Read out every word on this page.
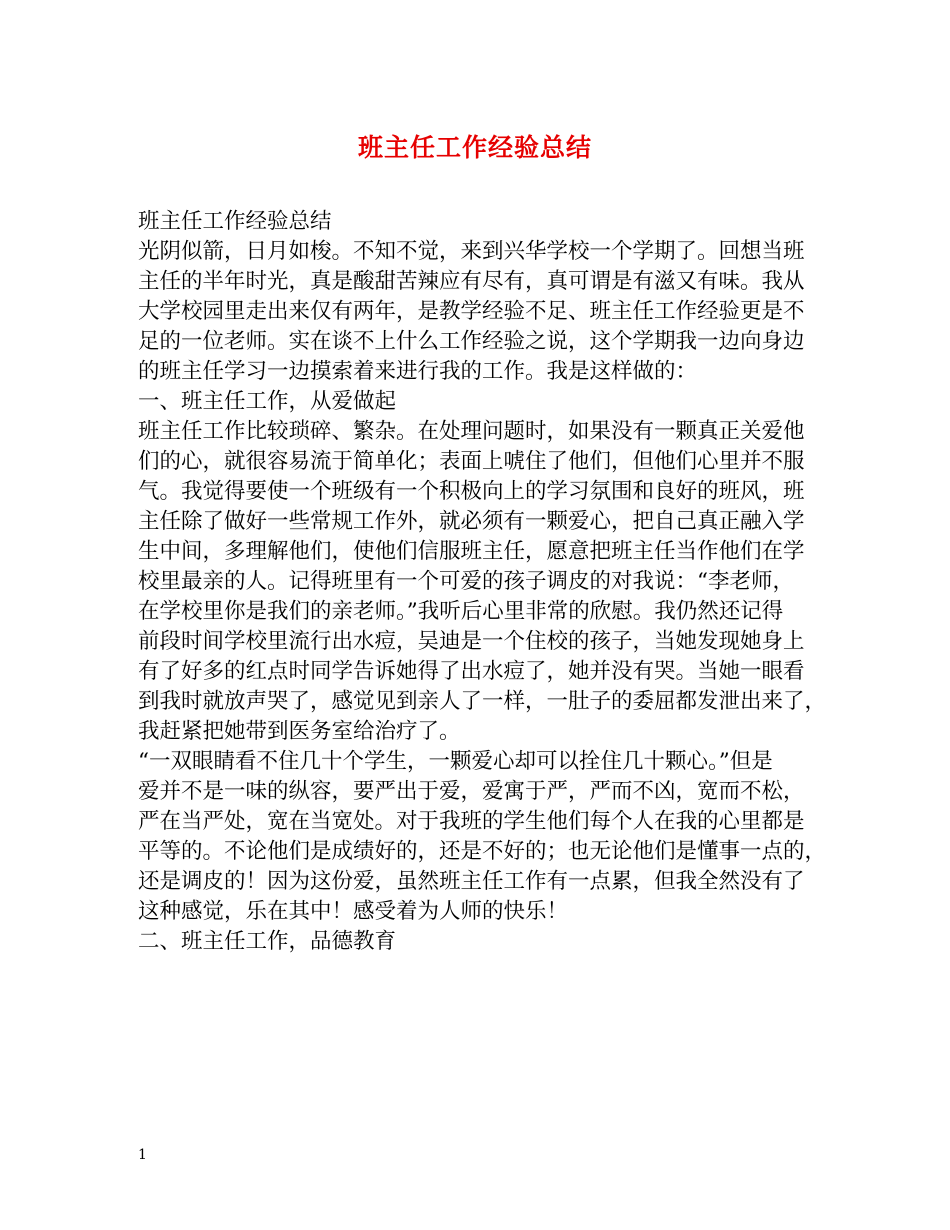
班主任工作经验总结
班主任工作经验总结
光阴似箭，日月如梭。不知不觉，来到兴华学校一个学期了。回想当班
主任的半年时光，真是酸甜苦辣应有尽有，真可谓是有滋又有味。我从
大学校园里走出来仅有两年，是教学经验不足、班主任工作经验更是不
足的一位老师。实在谈不上什么工作经验之说，这个学期我一边向身边
的班主任学习一边摸索着来进行我的工作。我是这样做的：
一、班主任工作，从爱做起
班主任工作比较琐碎、繁杂。在处理问题时，如果没有一颗真正关爱他
们的心，就很容易流于简单化；表面上唬住了他们，但他们心里并不服
气。我觉得要使一个班级有一个积极向上的学习氛围和良好的班风，班
主任除了做好一些常规工作外，就必须有一颗爱心，把自己真正融入学
生中间，多理解他们，使他们信服班主任，愿意把班主任当作他们在学
校里最亲的人。记得班里有一个可爱的孩子调皮的对我说：“李老师，
在学校里你是我们的亲老师。”我听后心里非常的欣慰。我仍然还记得
前段时间学校里流行出水痘，吴迪是一个住校的孩子，当她发现她身上
有了好多的红点时同学告诉她得了出水痘了，她并没有哭。当她一眼看
到我时就放声哭了，感觉见到亲人了一样，一肚子的委屈都发泄出来了，
我赶紧把她带到医务室给治疗了。
“一双眼睛看不住几十个学生，一颗爱心却可以拴住几十颗心。”但是
爱并不是一味的纵容，要严出于爱，爱寓于严，严而不凶，宽而不松，
严在当严处，宽在当宽处。对于我班的学生他们每个人在我的心里都是
平等的。不论他们是成绩好的，还是不好的；也无论他们是懂事一点的，
还是调皮的！因为这份爱，虽然班主任工作有一点累，但我全然没有了
这种感觉，乐在其中！感受着为人师的快乐！
二、班主任工作，品德教育
1
